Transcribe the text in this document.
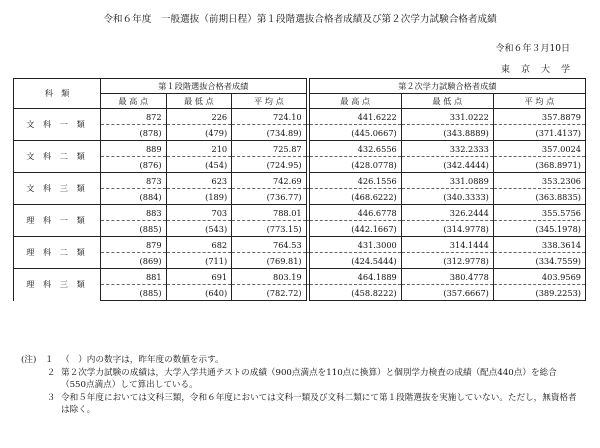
令和６年度　一般選抜（前期日程）第１段階選抜合格者成績及び第２次学力試験合格者成績
令和６年３月10日
東京大学
科　類	第１段階選抜合格者成績				第２次学力試験合格者成績		
	最 高 点	最 低 点	平 均 点		最 高 点	最 低 点	平 均 点
文 科 一 類	872	226	724.10		441.6222	331.0222	357.8879
	(878)	(479)	(734.89)		(445.0667)	(343.8889)	(371.4137)
文 科 二 類	889	210	725.87		432.6556	332.2333	357.0024
	(876)	(454)	(724.95)		(428.0778)	(342.4444)	(368.8971)
文 科 三 類	873	623	742.69		426.1556	331.0889	353.2306
	(884)	(189)	(736.77)		(468.6222)	(340.3333)	(363.8835)
理 科 一 類	883	703	788.01		446.6778	326.2444	355.5756
	(885)	(543)	(773.15)		(442.1667)	(314.9778)	(345.1978)
理 科 二 類	879	682	764.53		431.3000	314.1444	338.3614
	(869)	(711)	(769.81)		(424.5444)	(312.9778)	(334.7559)
理 科 三 類	881	691	803.19		464.1889	380.4778	403.9569
	(885)	(640)	(782.72)		(458.8222)	(357.6667)	(389.2253)
(注)　１ （　）内の数字は，昨年度の数値を示す。
　　　２ 第２次学力試験の成績は，大学入学共通テストの成績（900点満点を110点に換算）と個別学力検査の成績（配点440点）を総合（550点満点）して算出している。
　　　３ 令和５年度においては文科三類，令和６年度においては文科一類及び文科二類にて第１段階選抜を実施していない。ただし，無資格者は除く。
